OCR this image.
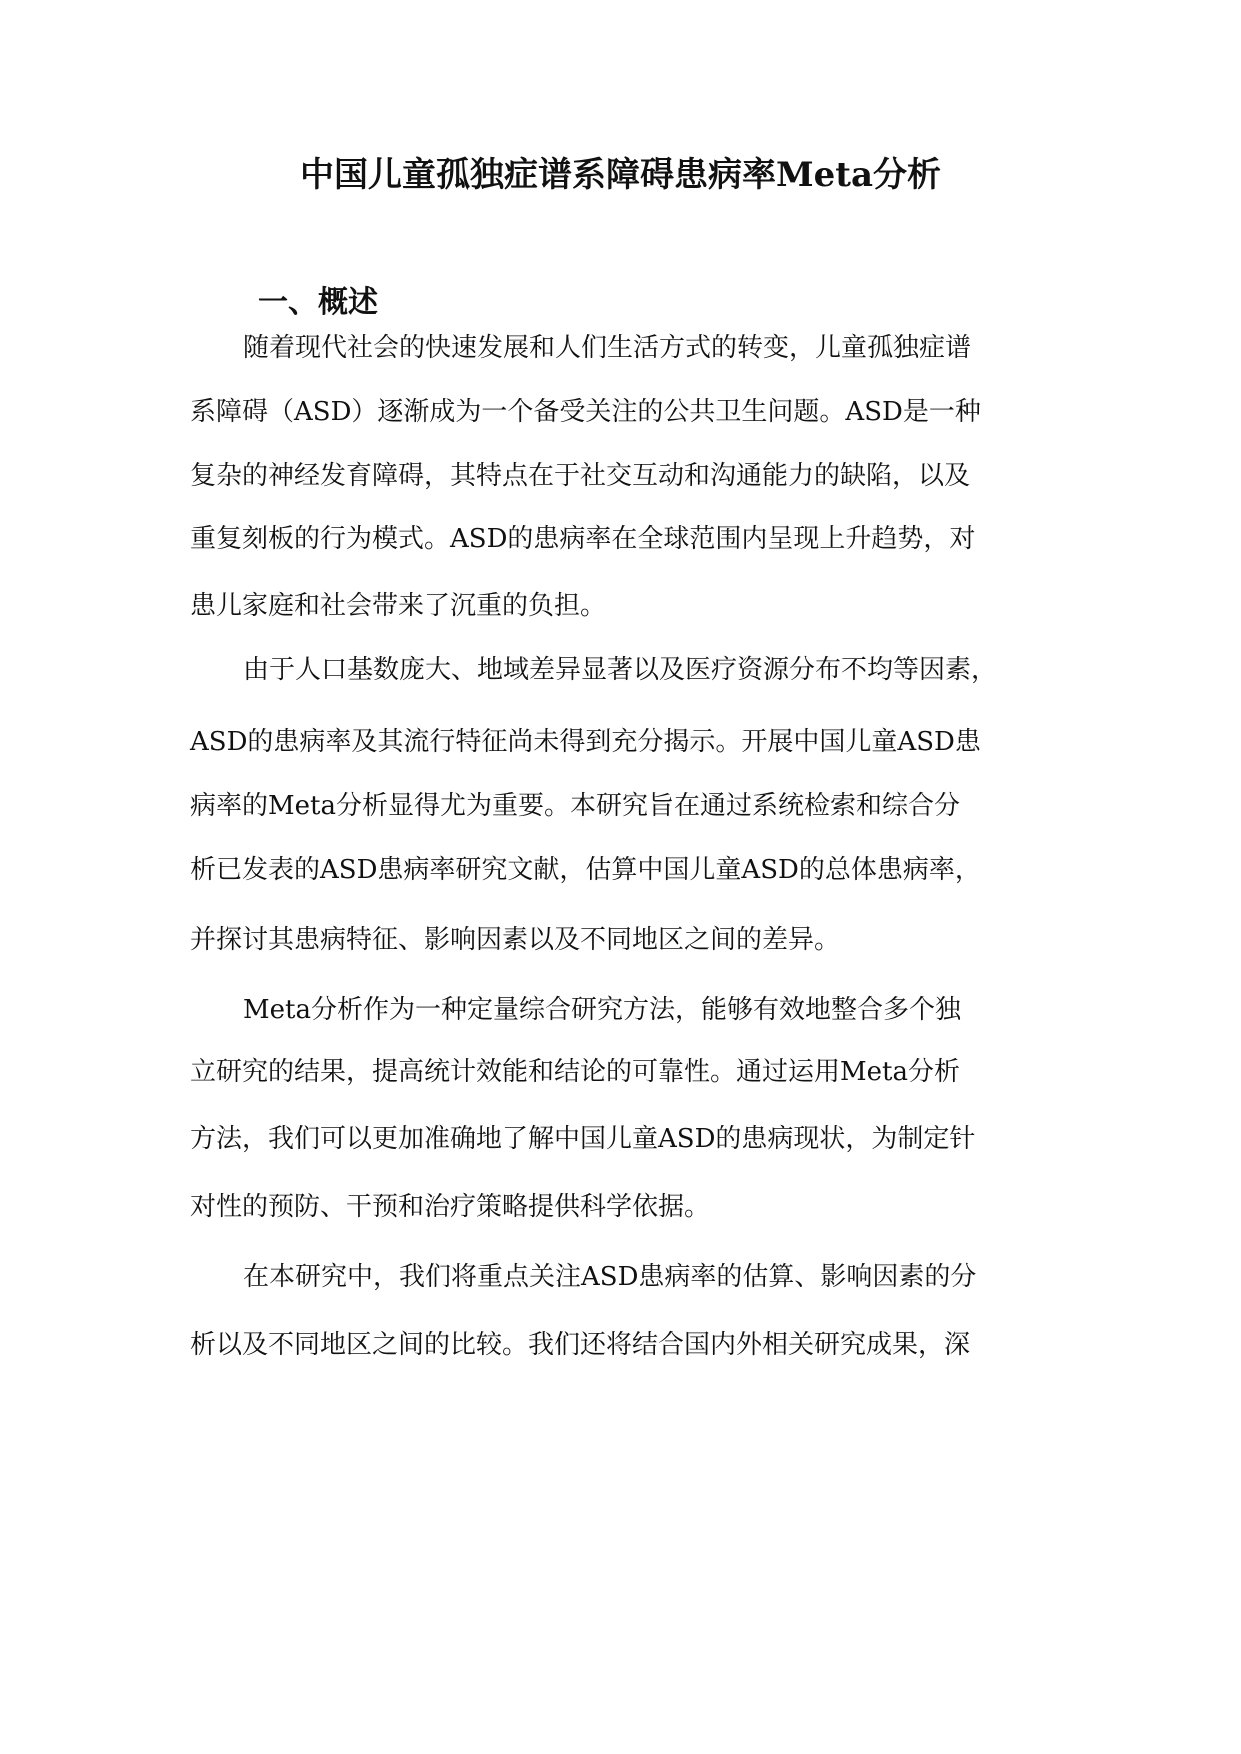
中国儿童孤独症谱系障碍患病率Meta分析
一、概述
随着现代社会的快速发展和人们生活方式的转变，儿童孤独症谱
系障碍（ASD）逐渐成为一个备受关注的公共卫生问题。ASD是一种
复杂的神经发育障碍，其特点在于社交互动和沟通能力的缺陷，以及
重复刻板的行为模式。ASD的患病率在全球范围内呈现上升趋势，对
患儿家庭和社会带来了沉重的负担。
由于人口基数庞大、地域差异显著以及医疗资源分布不均等因素，
ASD的患病率及其流行特征尚未得到充分揭示。开展中国儿童ASD患
病率的Meta分析显得尤为重要。本研究旨在通过系统检索和综合分
析已发表的ASD患病率研究文献，估算中国儿童ASD的总体患病率，
并探讨其患病特征、影响因素以及不同地区之间的差异。
Meta分析作为一种定量综合研究方法，能够有效地整合多个独
立研究的结果，提高统计效能和结论的可靠性。通过运用Meta分析
方法，我们可以更加准确地了解中国儿童ASD的患病现状，为制定针
对性的预防、干预和治疗策略提供科学依据。
在本研究中，我们将重点关注ASD患病率的估算、影响因素的分
析以及不同地区之间的比较。我们还将结合国内外相关研究成果，深
